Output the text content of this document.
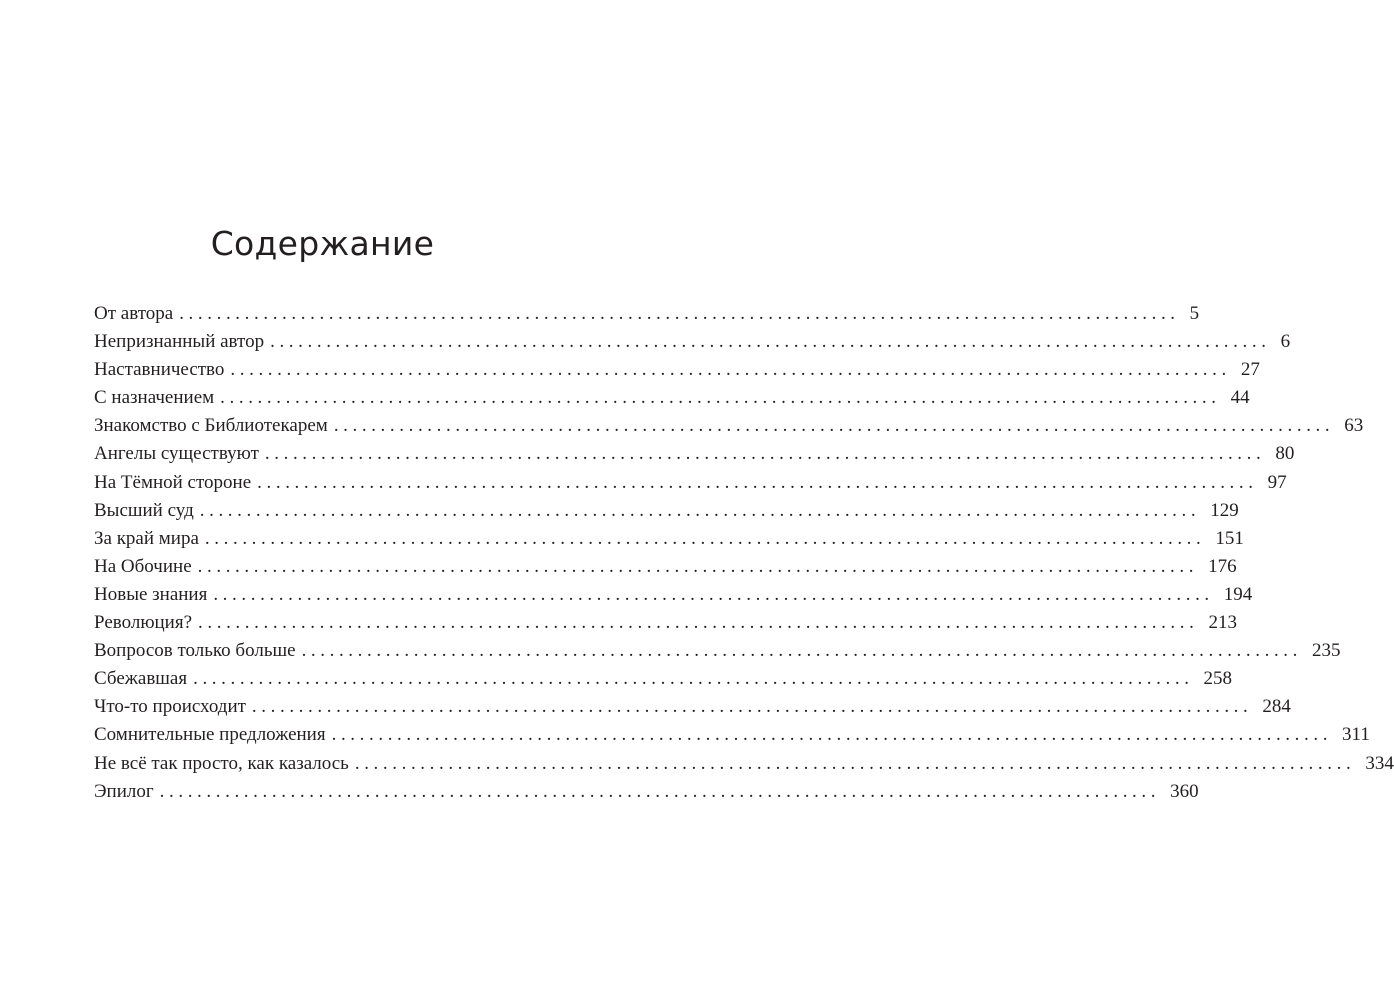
Содержание
От автора ........................................................................................................... 5
Непризнанный автор ........................................................................................................... 6
Наставничество ........................................................................................................... 27
С назначением ........................................................................................................... 44
Знакомство с Библиотекарем ........................................................................................................... 63
Ангелы существуют ........................................................................................................... 80
На Тёмной стороне ........................................................................................................... 97
Высший суд ........................................................................................................... 129
За край мира ........................................................................................................... 151
На Обочине ........................................................................................................... 176
Новые знания ........................................................................................................... 194
Революция? ........................................................................................................... 213
Вопросов только больше ........................................................................................................... 235
Сбежавшая ........................................................................................................... 258
Что-то происходит ........................................................................................................... 284
Сомнительные предложения ........................................................................................................... 311
Не всё так просто, как казалось ........................................................................................................... 334
Эпилог ........................................................................................................... 360
